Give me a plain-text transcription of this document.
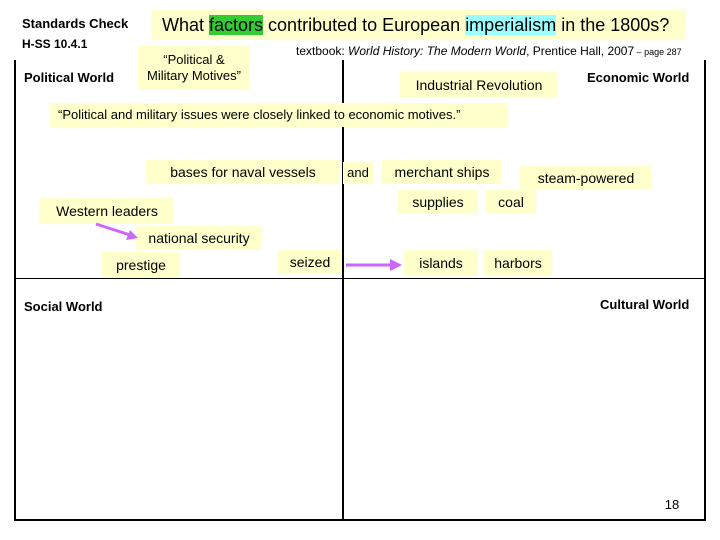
Standards Check
H-SS 10.4.1
What factors contributed to European imperialism in the 1800s?
textbook: World History: The Modern World, Prentice Hall, 2007 – page 287
Political World	Economic World
Social World	Cultural World
“Political &
Military Motives”
Industrial Revolution
“Political and military issues were closely linked to economic motives.”
bases for naval vessels	and	merchant ships	steam-powered
supplies	coal
Western leaders
national security
prestige	seized	islands	harbors
18
